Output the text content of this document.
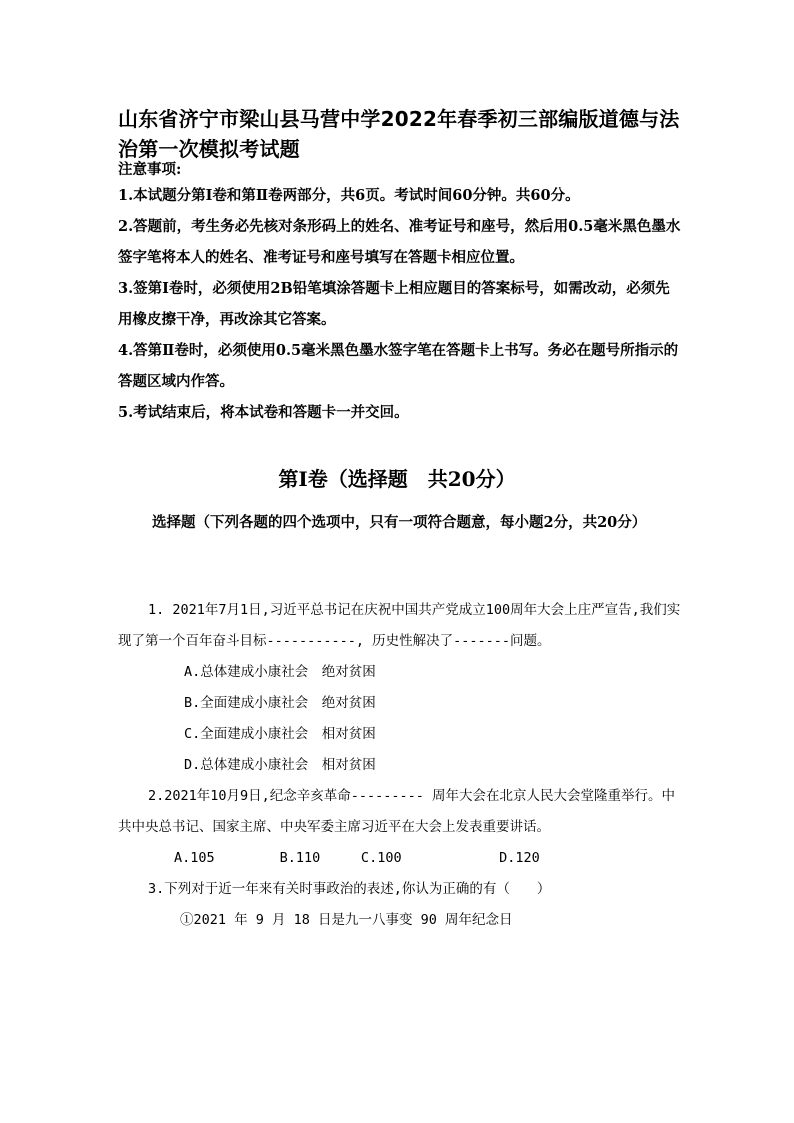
山东省济宁市梁山县马营中学2022年春季初三部编版道德与法治第一次模拟考试题
注意事项:
1.本试题分第Ⅰ卷和第Ⅱ卷两部分，共6页。考试时间60分钟。共60分。
2.答题前，考生务必先核对条形码上的姓名、准考证号和座号，然后用0.5毫米黑色墨水签字笔将本人的姓名、准考证号和座号填写在答题卡相应位置。
3.签第Ⅰ卷时，必须使用2B铅笔填涂答题卡上相应题目的答案标号，如需改动，必须先用橡皮擦干净，再改涂其它答案。
4.答第Ⅱ卷时，必须使用0.5毫米黑色墨水签字笔在答题卡上书写。务必在题号所指示的答题区域内作答。
5.考试结束后，将本试卷和答题卡一并交回。
第Ⅰ卷（选择题　共20分）
选择题（下列各题的四个选项中，只有一项符合题意，每小题2分，共20分）
1. 2021年7月1日,习近平总书记在庆祝中国共产党成立100周年大会上庄严宣告,我们实现了第一个百年奋斗目标-----------, 历史性解决了-------问题。
A.总体建成小康社会　绝对贫困
B.全面建成小康社会　绝对贫困
C.全面建成小康社会　相对贫困
D.总体建成小康社会　相对贫困
2.2021年10月9日,纪念辛亥革命--------- 周年大会在北京人民大会堂隆重举行。中共中央总书记、国家主席、中央军委主席习近平在大会上发表重要讲话。
A.105        B.110     C.100            D.120
3.下列对于近一年来有关时事政治的表述,你认为正确的有（　　）
①2021 年 9 月 18 日是九一八事变 90 周年纪念日
